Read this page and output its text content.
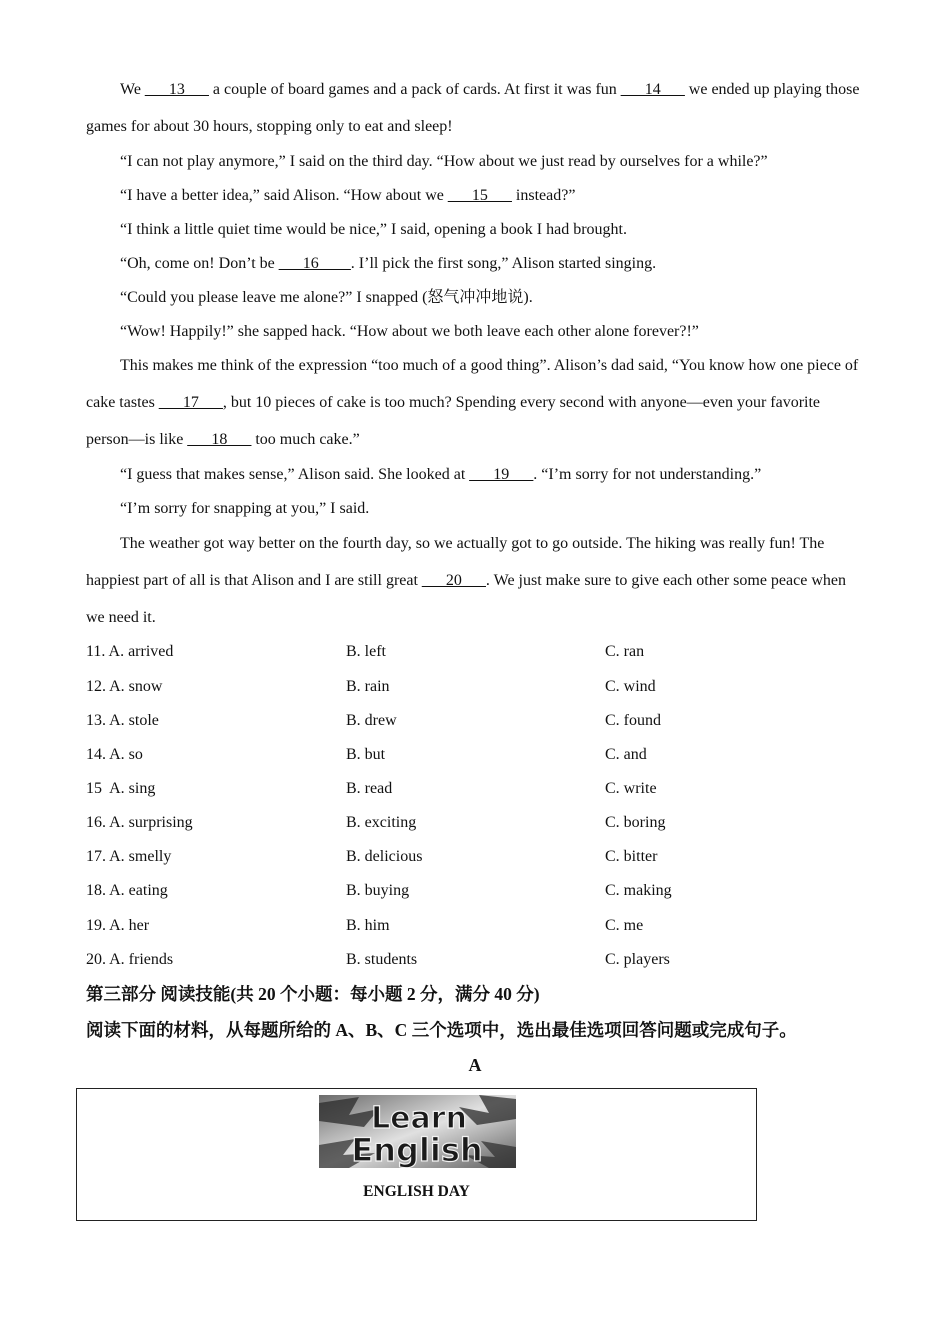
We ___13___ a couple of board games and a pack of cards. At first it was fun ___14___ we ended up playing those games for about 30 hours, stopping only to eat and sleep!

“I can not play anymore,” I said on the third day. “How about we just read by ourselves for a while?”

“I have a better idea,” said Alison. “How about we ___15___ instead?”

“I think a little quiet time would be nice,” I said, opening a book I had brought.

“Oh, come on! Don’t be ___16____. I’ll pick the first song,” Alison started singing.

“Could you please leave me alone?” I snapped (怒气冲冲地说).

“Wow! Happily!” she sapped hack. “How about we both leave each other alone forever?!”

This makes me think of the expression “too much of a good thing”. Alison’s dad said, “You know how one piece of cake tastes ___17___, but 10 pieces of cake is too much? Spending every second with anyone—even your favorite person—is like ___18___ too much cake.”

“I guess that makes sense,” Alison said. She looked at ___19___. “I’m sorry for not understanding.”

“I’m sorry for snapping at you,” I said.

The weather got way better on the fourth day, so we actually got to go outside. The hiking was really fun! The happiest part of all is that Alison and I are still great ___20___. We just make sure to give each other some peace when we need it.

11. A. arrived	B. left	C. ran
12. A. snow	B. rain	C. wind
13. A. stole	B. drew	C. found
14. A. so	B. but	C. and
15  A. sing	B. read	C. write
16. A. surprising	B. exciting	C. boring
17. A. smelly	B. delicious	C. bitter
18. A. eating	B. buying	C. making
19. A. her	B. him	C. me
20. A. friends	B. students	C. players
第三部分 阅读技能(共 20 个小题：每小题 2 分，满分 40 分)
阅读下面的材料，从每题所给的 A、B、C 三个选项中，选出最佳选项回答问题或完成句子。
A
Learn
English
ENGLISH DAY
